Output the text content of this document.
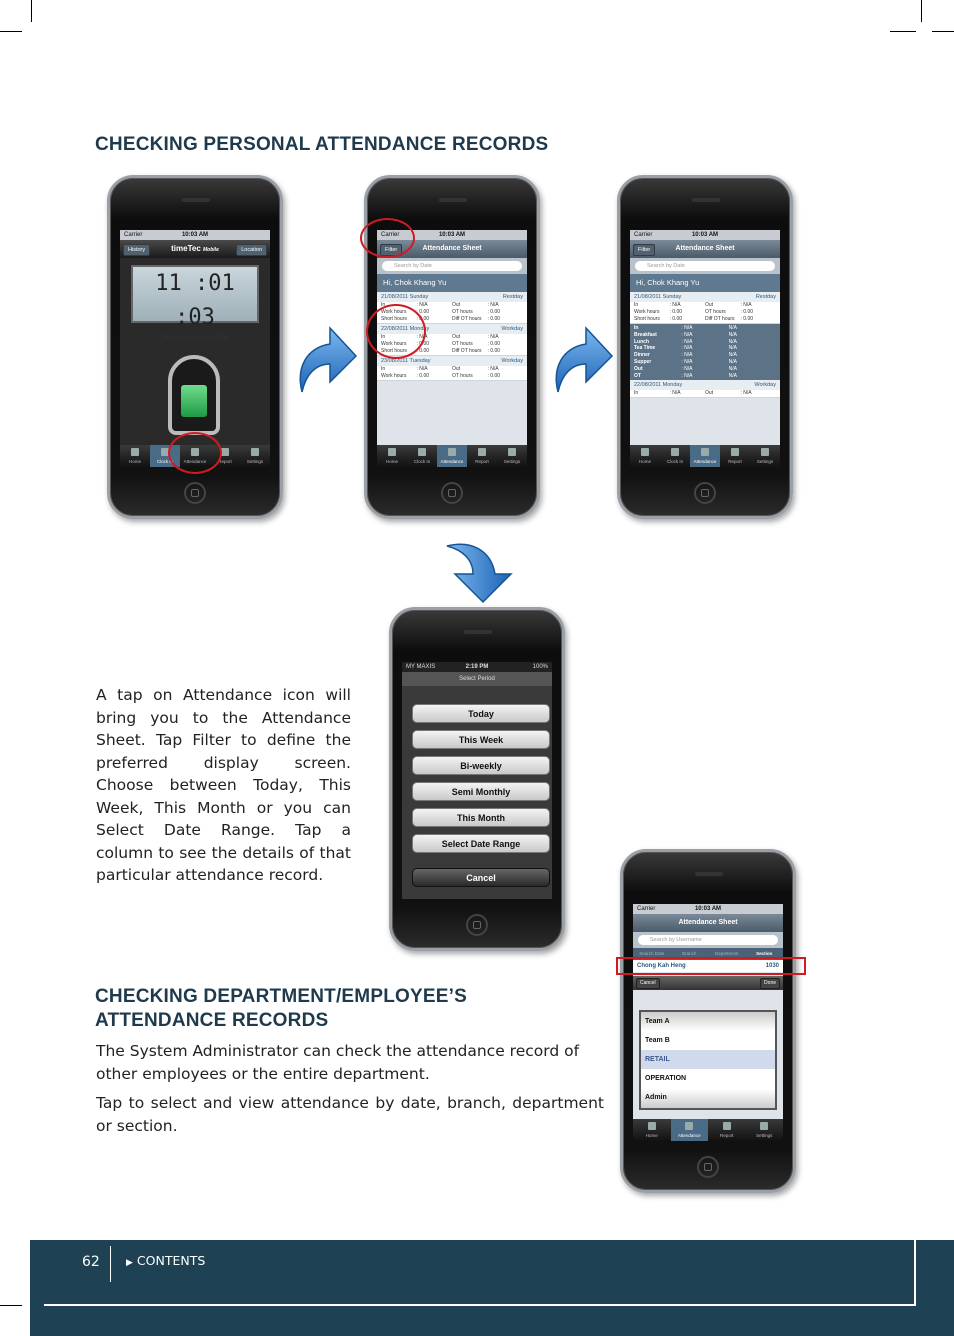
CHECKING PERSONAL ATTENDANCE RECORDS
Carrier	10:03 AM
History	timeTec Mobile	Location
11 :01 :03
Tuesday, 23 August 2011
Home	Clock In	Attendance	Report	Settings
Carrier	10:03 AM
Filter	Attendance Sheet
Search by Date
Hi, Chok Khang Yu
21/08/2011 Sunday	Restday
In	: N/A	Out	: N/A
Work hours	: 0.00	OT hours	: 0.00
Short hours	: 0.00	Diff OT hours	: 0.00
22/08/2011 Monday	Workday
In	: N/A	Out	: N/A
Work hours	: 0.00	OT hours	: 0.00
Short hours	: 0.00	Diff OT hours	: 0.00
23/08/2011 Tuesday	Workday
In	: N/A	Out	: N/A
Work hours	: 0.00	OT hours	: 0.00
Home	Clock In	Attendance	Report	Settings
Carrier	10:03 AM
Filter	Attendance Sheet
Search by Date
Hi, Chok Khang Yu
21/08/2011 Sunday	Restday
In	: N/A	Out	: N/A
Work hours	: 0.00	OT hours	: 0.00
Short hours	: 0.00	Diff OT hours	: 0.00
In	: N/A	N/A
Breakfast	: N/A	N/A
Lunch	: N/A	N/A
Tea Time	: N/A	N/A
Dinner	: N/A	N/A
Supper	: N/A	N/A
Out	: N/A	N/A
OT	: N/A	N/A
22/08/2011 Monday	Workday
In	: N/A	Out	: N/A
Home	Clock In	Attendance	Report	Settings

A tap on Attendance icon will bring you to the Attendance Sheet. Tap Filter to define the preferred display screen. Choose between Today, This Week, This Month or you can Select Date Range. Tap a column to see the details of that particular attendance record.

MY MAXIS	2:19 PM	100%
Select Period
Today
This Week
Bi-weekly
Semi Monthly
This Month
Select Date Range
Cancel
CHECKING DEPARTMENT/EMPLOYEE’S
ATTENDANCE RECORDS

The System Administrator can check the attendance record of other employees or the entire department.

Tap to select and view attendance by date, branch, department or section.

Carrier	10:03 AM
Attendance Sheet
Search by Username
Search Date	Branch	Department	Section
Chong Kah Heng	1030
Cancel	Done
Team A
Team B
RETAIL
OPERATION
Admin
Home	Attendance	Report	Settings
62	▶ CONTENTS
